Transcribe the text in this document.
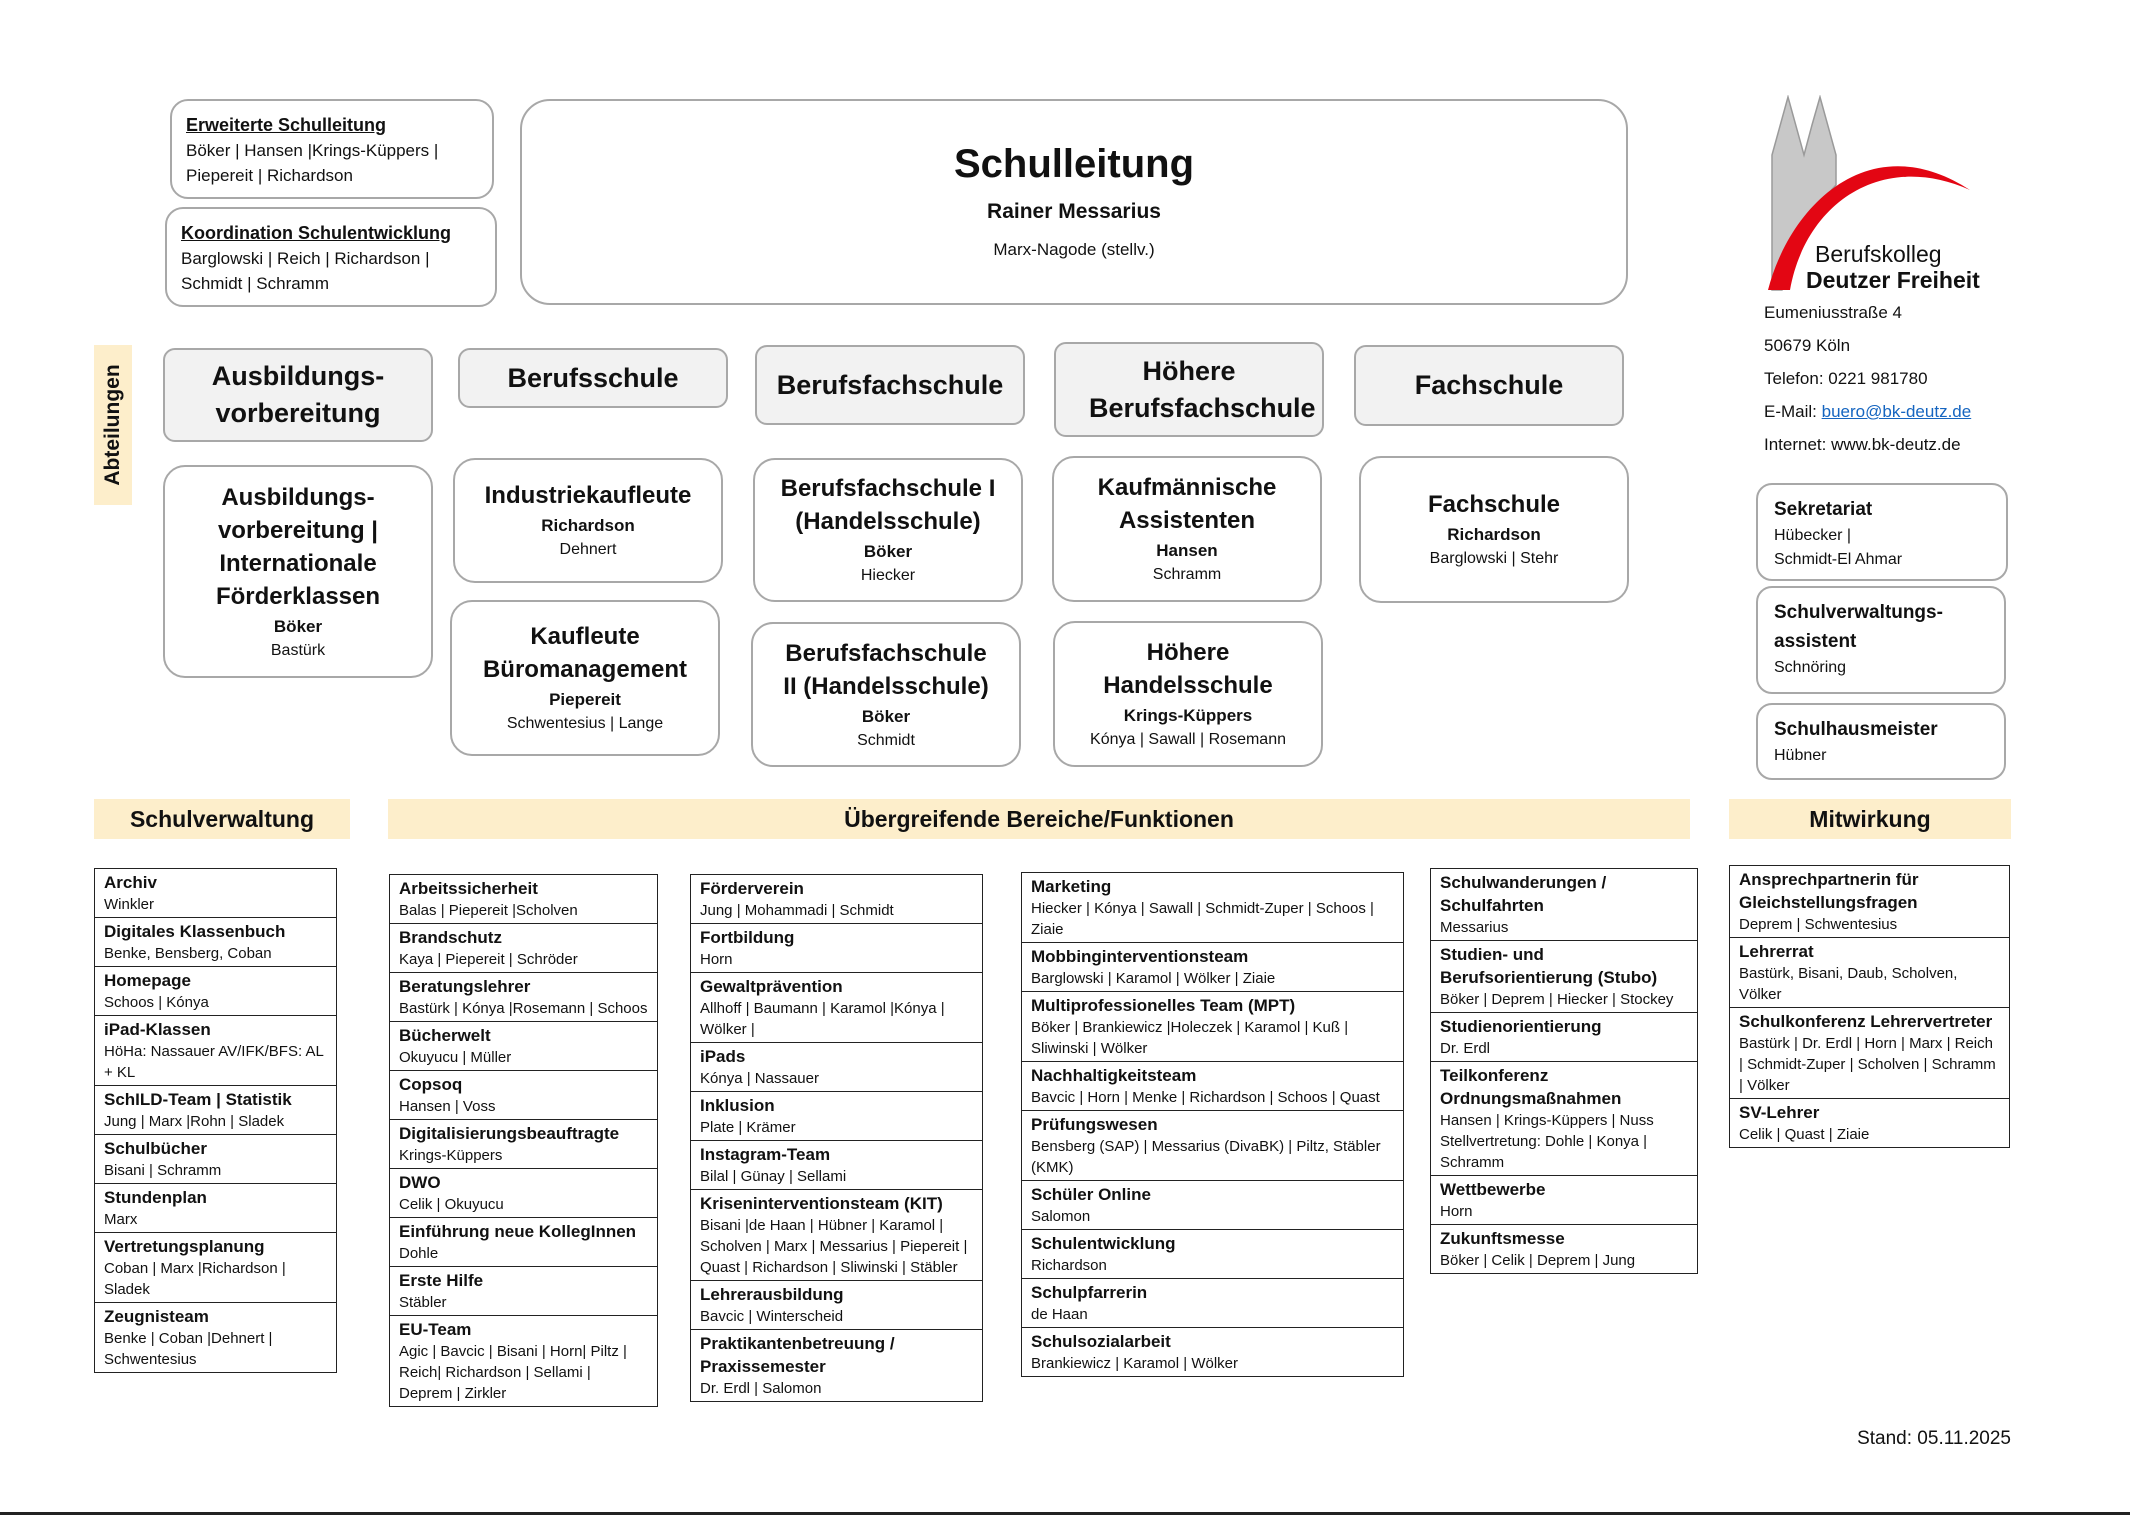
Erweiterte Schulleitung
Böker | Hansen |Krings-Küppers | Piepereit | Richardson
Koordination Schulentwicklung
Barglowski | Reich | Richardson | Schmidt | Schramm
Schulleitung
Rainer Messarius
Marx-Nagode (stellv.)	Berufskolleg
Deutzer Freiheit
Eumeniusstraße 4
50679 Köln
Telefon: 0221 981780
E-Mail: buero@bk-deutz.de
Internet: www.bk-deutz.de
Abteilungen	Ausbildungs-vorbereitung
Berufsschule	Berufsfachschule	Höhere Berufsfachschule
Fachschule
Ausbildungs-vorbereitung | Internationale Förderklassen
Böker
Bastürk
Industriekaufleute
Richardson
Dehnert
Kaufleute Büromanagement
Piepereit
Schwentesius | Lange
Berufsfachschule I (Handelsschule)
Böker
Hiecker
Berufsfachschule II (Handelsschule)
Böker
Schmidt
Kaufmännische Assistenten
Hansen
Schramm
Höhere Handelsschule
Krings-Küppers
Kónya | Sawall | Rosemann
Fachschule
Richardson
Barglowski | Stehr
Sekretariat
Hübecker |
Schmidt-El Ahmar
Schulverwaltungs-assistent
Schnöring
Schulhausmeister
Hübner
Schulverwaltung	Übergreifende Bereiche/Funktionen	Mitwirkung
Archiv
Winkler
Digitales Klassenbuch
Benke, Bensberg, Coban
Homepage
Schoos | Kónya
iPad-Klassen
HöHa: Nassauer AV/IFK/BFS: AL + KL
SchILD-Team | Statistik
Jung | Marx |Rohn | Sladek
Schulbücher
Bisani | Schramm
Stundenplan
Marx
Vertretungsplanung
Coban | Marx |Richardson | Sladek
Zeugnisteam
Benke | Coban |Dehnert | Schwentesius
Arbeitssicherheit
Balas | Piepereit |Scholven
Brandschutz
Kaya | Piepereit | Schröder
Beratungslehrer
Bastürk | Kónya |Rosemann | Schoos
Bücherwelt
Okuyucu | Müller
Copsoq
Hansen | Voss
Digitalisierungsbeauftragte
Krings-Küppers
DWO
Celik | Okuyucu
Einführung neue KollegInnen
Dohle
Erste Hilfe
Stäbler
EU-Team
Agic | Bavcic | Bisani | Horn| Piltz | Reich| Richardson | Sellami | Deprem | Zirkler
Förderverein
Jung | Mohammadi | Schmidt
Fortbildung
Horn
Gewaltprävention
Allhoff | Baumann | Karamol |Kónya | Wölker |
iPads
Kónya | Nassauer
Inklusion
Plate | Krämer
Instagram-Team
Bilal | Günay | Sellami
Kriseninterventionsteam (KIT)
Bisani |de Haan | Hübner | Karamol | Scholven | Marx | Messarius | Piepereit | Quast | Richardson | Sliwinski | Stäbler
Lehrerausbildung
Bavcic | Winterscheid
Praktikantenbetreuung / Praxissemester
Dr. Erdl | Salomon
Marketing
Hiecker | Kónya | Sawall | Schmidt-Zuper | Schoos | Ziaie
Mobbinginterventionsteam
Barglowski | Karamol | Wölker | Ziaie
Multiprofessionelles Team (MPT)
Böker | Brankiewicz |Holeczek | Karamol | Kuß | Sliwinski | Wölker
Nachhaltigkeitsteam
Bavcic | Horn | Menke | Richardson | Schoos | Quast
Prüfungswesen
Bensberg (SAP) | Messarius (DivaBK) | Piltz, Stäbler (KMK)
Schüler Online
Salomon
Schulentwicklung
Richardson
Schulpfarrerin
de Haan
Schulsozialarbeit
Brankiewicz | Karamol | Wölker
Schulwanderungen / Schulfahrten
Messarius
Studien- und Berufsorientierung (Stubo)
Böker | Deprem | Hiecker | Stockey
Studienorientierung
Dr. Erdl
Teilkonferenz Ordnungsmaßnahmen
Hansen | Krings-Küppers | Nuss Stellvertretung: Dohle | Konya | Schramm
Wettbewerbe
Horn
Zukunftsmesse
Böker | Celik | Deprem | Jung
Ansprechpartnerin für Gleichstellungsfragen
Deprem | Schwentesius
Lehrerrat
Bastürk, Bisani, Daub, Scholven, Völker
Schulkonferenz Lehrervertreter
Bastürk | Dr. Erdl | Horn | Marx | Reich | Schmidt-Zuper | Scholven | Schramm | Völker
SV-Lehrer
Celik | Quast | Ziaie
Stand: 05.11.2025
